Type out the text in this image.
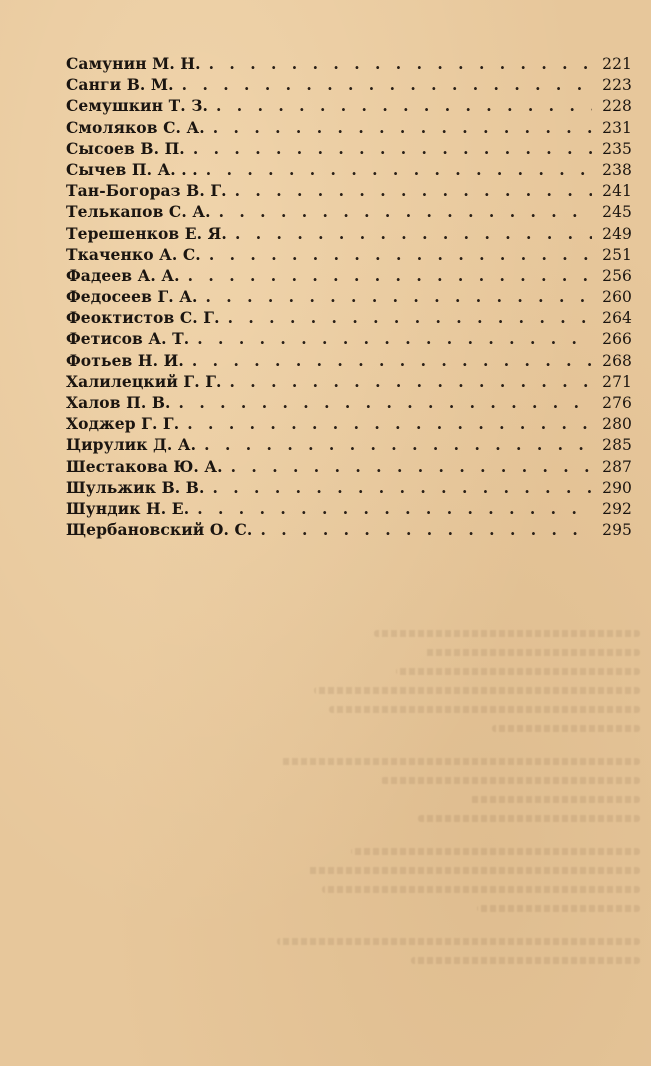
Самунин М. Н. . . .	221
Санги В. М. . . .	223
Семушкин Т. З. . . .	228
Смоляков С. А. . . .	231
Сысоев В. П. . . .	235
Сычев П. А. . . . . .	238
Тан-Богораз В. Г. . . .	241
Телькапов С. А. . . .	245
Терешенков Е. Я. . . .	249
Ткаченко А. С. . . .	251
Фадеев А. А. . . .	256
Федосеев Г. А. . . .	260
Феоктистов С. Г. . . .	264
Фетисов А. Т. . . .	266
Фотьев Н. И. . . .	268
Халилецкий Г. Г. . . .	271
Халов П. В. . . .	276
Ходжер Г. Г. . . .	280
Цирулик Д. А. . . .	285
Шестакова Ю. А. . . .	287
Шульжик В. В. . . .	290
Шундик Н. Е. . . .	292
Щербановский О. С. . . .	295
